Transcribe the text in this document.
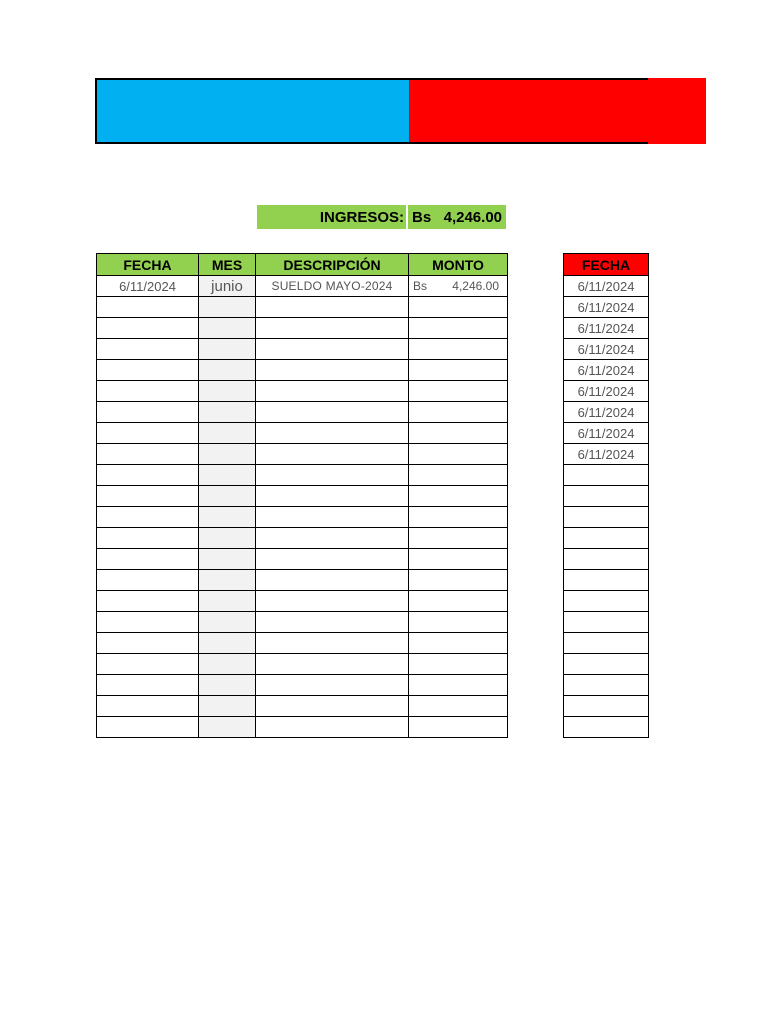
INGRESOS: Bs 4,246.00
FECHA	MES	DESCRIPCIÓN	MONTO
6/11/2024	junio	SUELDO MAYO-2024	Bs 4,246.00

FECHA
6/11/2024
6/11/2024
6/11/2024
6/11/2024
6/11/2024
6/11/2024
6/11/2024
6/11/2024
6/11/2024
